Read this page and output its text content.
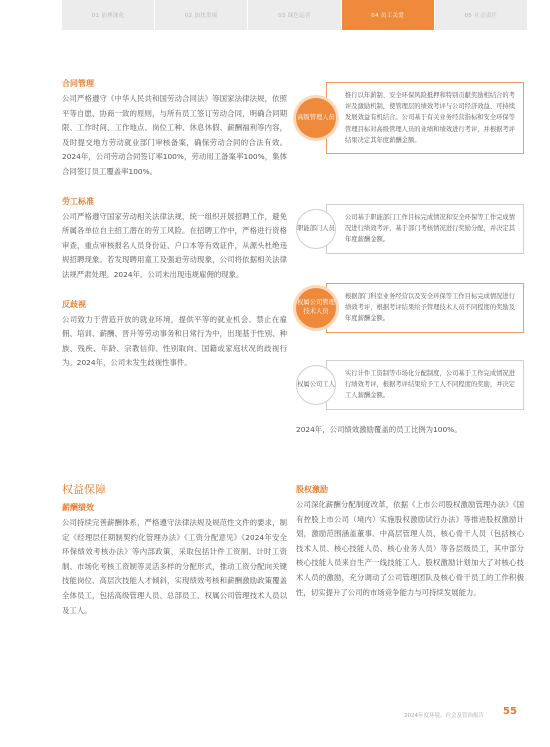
01 治理深化	02 加快发展	03 绿色运营	04 员工关爱	05 社会责任
合同管理

公司严格遵守《中华人民共和国劳动合同法》等国家法律法规，依照平等自愿、协商一致的原则，与所有员工签订劳动合同，明确合同期限、工作时间、工作地点、岗位工种、休息休假、薪酬福利等内容，及时提交地方劳动就业部门审核备案，确保劳动合同的合法有效。2024年，公司劳动合同签订率100%，劳动用工备案率100%，集体合同签订员工覆盖率100%。

劳工标准

公司严格遵守国家劳动相关法律法规，统一组织开展招聘工作，避免所属各单位自主招工潜在的劳工风险。在招聘工作中，严格进行资格审查，重点审核报名人员身份证、户口本等有效证件，从源头杜绝违规招聘现象。若发现聘用童工及强迫劳动现象，公司将依据相关法律法规严肃处理。2024年，公司未出现违规雇佣的现象。

反歧视

公司致力于营造开放的就业环境，提供平等的就业机会。禁止在雇佣、培训、薪酬、晋升等劳动事务和日常行为中，出现基于性别、种族、残疾、年龄、宗教信仰、性别取向、国籍或家庭状况的歧视行为。2024年，公司未发生歧视性事件。

高级管理人员
推行以年薪制、安全环保风险抵押和特别贡献奖励相结合的考评及激励机制，使管理层的绩效考评与公司经济效益、可持续发展效益有机结合。公司基于有关业务经营指标和安全环保等管理目标对高级管理人员的业绩和绩效进行考评，并根据考评结果决定其年度薪酬金额。
职能部门人员
公司基于职能部门工作目标完成情况和安全环保等工作完成情况进行绩效考评，基于部门考核情况进行奖励分配，并决定其年度薪酬金额。
权属公司管理技术人员
根据部门科室业务经营以及安全环保等工作目标完成情况进行绩效考评，根据考评结果给予管理技术人员不同程度的奖励及年度薪酬金额。
权属公司工人
实行计件工资制等市场化分配制度，公司基于工作完成情况进行绩效考评，根据考评结果给予工人不同程度的奖励，并决定工人薪酬金额。
2024年，公司绩效激励覆盖的员工比例为100%。
权益保障
薪酬绩效

公司持续完善薪酬体系，严格遵守法律法规及规范性文件的要求，制定《经理层任期制契约化管理办法》《工资分配意见》《2024年安全环保绩效考核办法》等内部政策，采取包括计件工资制、计时工资制、市场化考核工资制等灵活多样的分配形式，推动工资分配向关键技能岗位、高层次技能人才倾斜，实现绩效考核和薪酬激励政策覆盖全体员工，包括高级管理人员、总部员工、权属公司管理技术人员以及工人。

股权激励

公司深化薪酬分配制度改革，依据《上市公司股权激励管理办法》《国有控股上市公司（境内）实施股权激励试行办法》等推进股权激励计划，激励范围涵盖董事、中高层管理人员、核心骨干人员（包括核心技术人员、核心技能人员、核心业务人员）等各层级员工，其中部分核心技能人员来自生产一线技能工人。股权激励计划加大了对核心技术人员的激励，充分调动了公司管理团队及核心骨干员工的工作积极性，切实提升了公司的市场竞争能力与可持续发展能力。

2024年度环境、社会及管治报告 55
